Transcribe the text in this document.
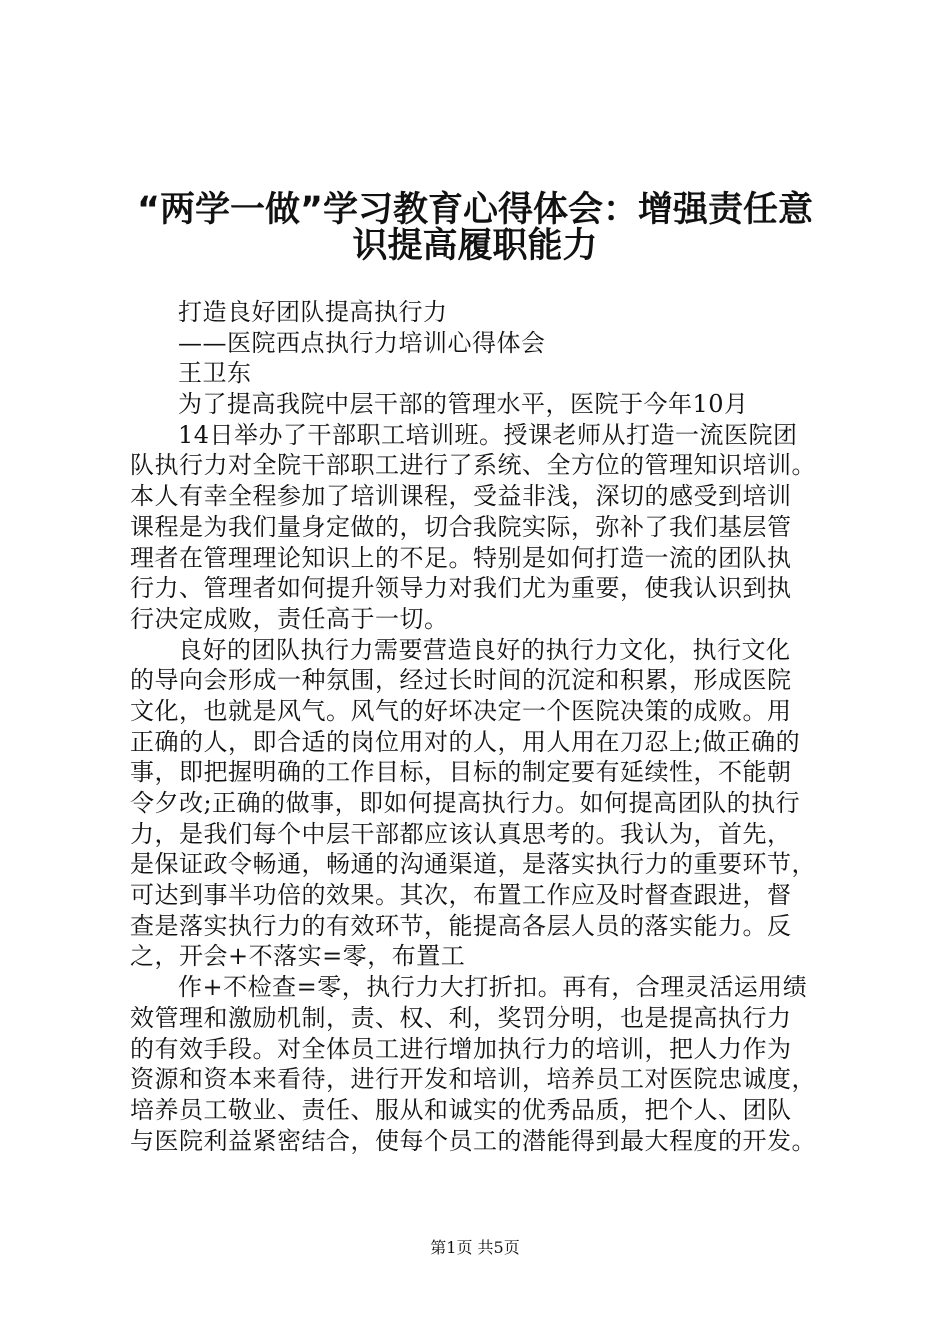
“两学一做”学习教育心得体会：增强责任意
识提高履职能力
打造良好团队提高执行力
——医院西点执行力培训心得体会
王卫东
为了提高我院中层干部的管理水平，医院于今年10月
14日举办了干部职工培训班。授课老师从打造一流医院团
队执行力对全院干部职工进行了系统、全方位的管理知识培训。
本人有幸全程参加了培训课程，受益非浅，深切的感受到培训
课程是为我们量身定做的，切合我院实际，弥补了我们基层管
理者在管理理论知识上的不足。特别是如何打造一流的团队执
行力、管理者如何提升领导力对我们尤为重要，使我认识到执
行决定成败，责任高于一切。
良好的团队执行力需要营造良好的执行力文化，执行文化
的导向会形成一种氛围，经过长时间的沉淀和积累，形成医院
文化，也就是风气。风气的好坏决定一个医院决策的成败。用
正确的人，即合适的岗位用对的人，用人用在刀忍上;做正确的
事，即把握明确的工作目标，目标的制定要有延续性，不能朝
令夕改;正确的做事，即如何提高执行力。如何提高团队的执行
力，是我们每个中层干部都应该认真思考的。我认为，首先，
是保证政令畅通，畅通的沟通渠道，是落实执行力的重要环节，
可达到事半功倍的效果。其次，布置工作应及时督查跟进，督
查是落实执行力的有效环节，能提高各层人员的落实能力。反
之，开会+不落实=零，布置工
作+不检查=零，执行力大打折扣。再有，合理灵活运用绩
效管理和激励机制，责、权、利，奖罚分明，也是提高执行力
的有效手段。对全体员工进行增加执行力的培训，把人力作为
资源和资本来看待，进行开发和培训，培养员工对医院忠诚度，
培养员工敬业、责任、服从和诚实的优秀品质，把个人、团队
与医院利益紧密结合，使每个员工的潜能得到最大程度的开发。
第1页 共5页
